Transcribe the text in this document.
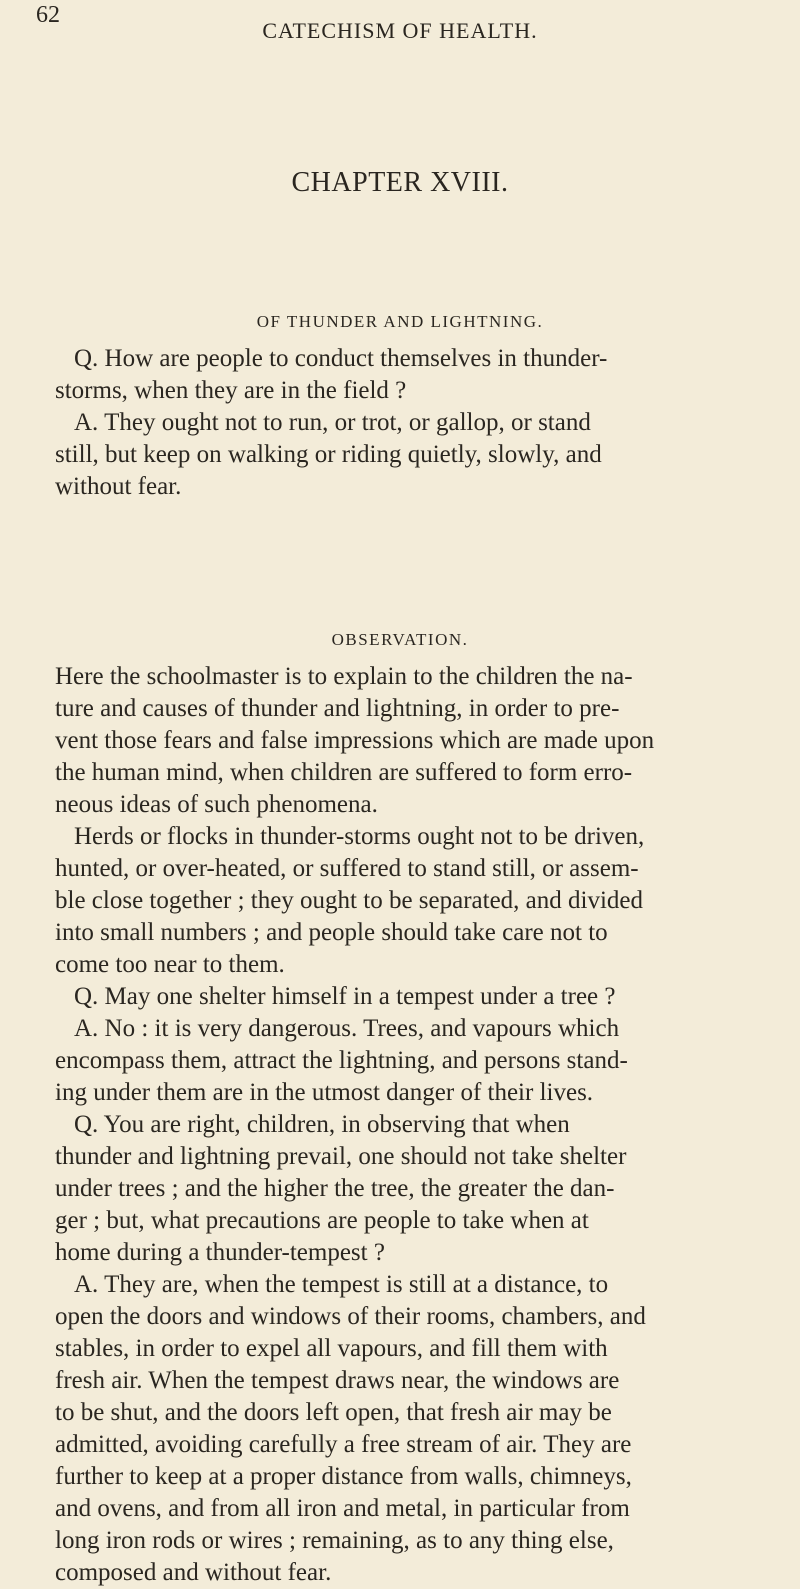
62
CATECHISM OF HEALTH.
CHAPTER XVIII.
OF THUNDER AND LIGHTNING.
Q. How are people to conduct themselves in thunder-
storms, when they are in the field ?
A. They ought not to run, or trot, or gallop, or stand
still, but keep on walking or riding quietly, slowly, and
without fear.
OBSERVATION.
Here the schoolmaster is to explain to the children the na-
ture and causes of thunder and lightning, in order to pre-
vent those fears and false impressions which are made upon
the human mind, when children are suffered to form erro-
neous ideas of such phenomena.
Herds or flocks in thunder-storms ought not to be driven,
hunted, or over-heated, or suffered to stand still, or assem-
ble close together ; they ought to be separated, and divided
into small numbers ; and people should take care not to
come too near to them.
Q. May one shelter himself in a tempest under a tree ?
A. No : it is very dangerous. Trees, and vapours which
encompass them, attract the lightning, and persons stand-
ing under them are in the utmost danger of their lives.
Q. You are right, children, in observing that when
thunder and lightning prevail, one should not take shelter
under trees ; and the higher the tree, the greater the dan-
ger ; but, what precautions are people to take when at
home during a thunder-tempest ?
A. They are, when the tempest is still at a distance, to
open the doors and windows of their rooms, chambers, and
stables, in order to expel all vapours, and fill them with
fresh air. When the tempest draws near, the windows are
to be shut, and the doors left open, that fresh air may be
admitted, avoiding carefully a free stream of air. They are
further to keep at a proper distance from walls, chimneys,
and ovens, and from all iron and metal, in particular from
long iron rods or wires ; remaining, as to any thing else,
composed and without fear.
